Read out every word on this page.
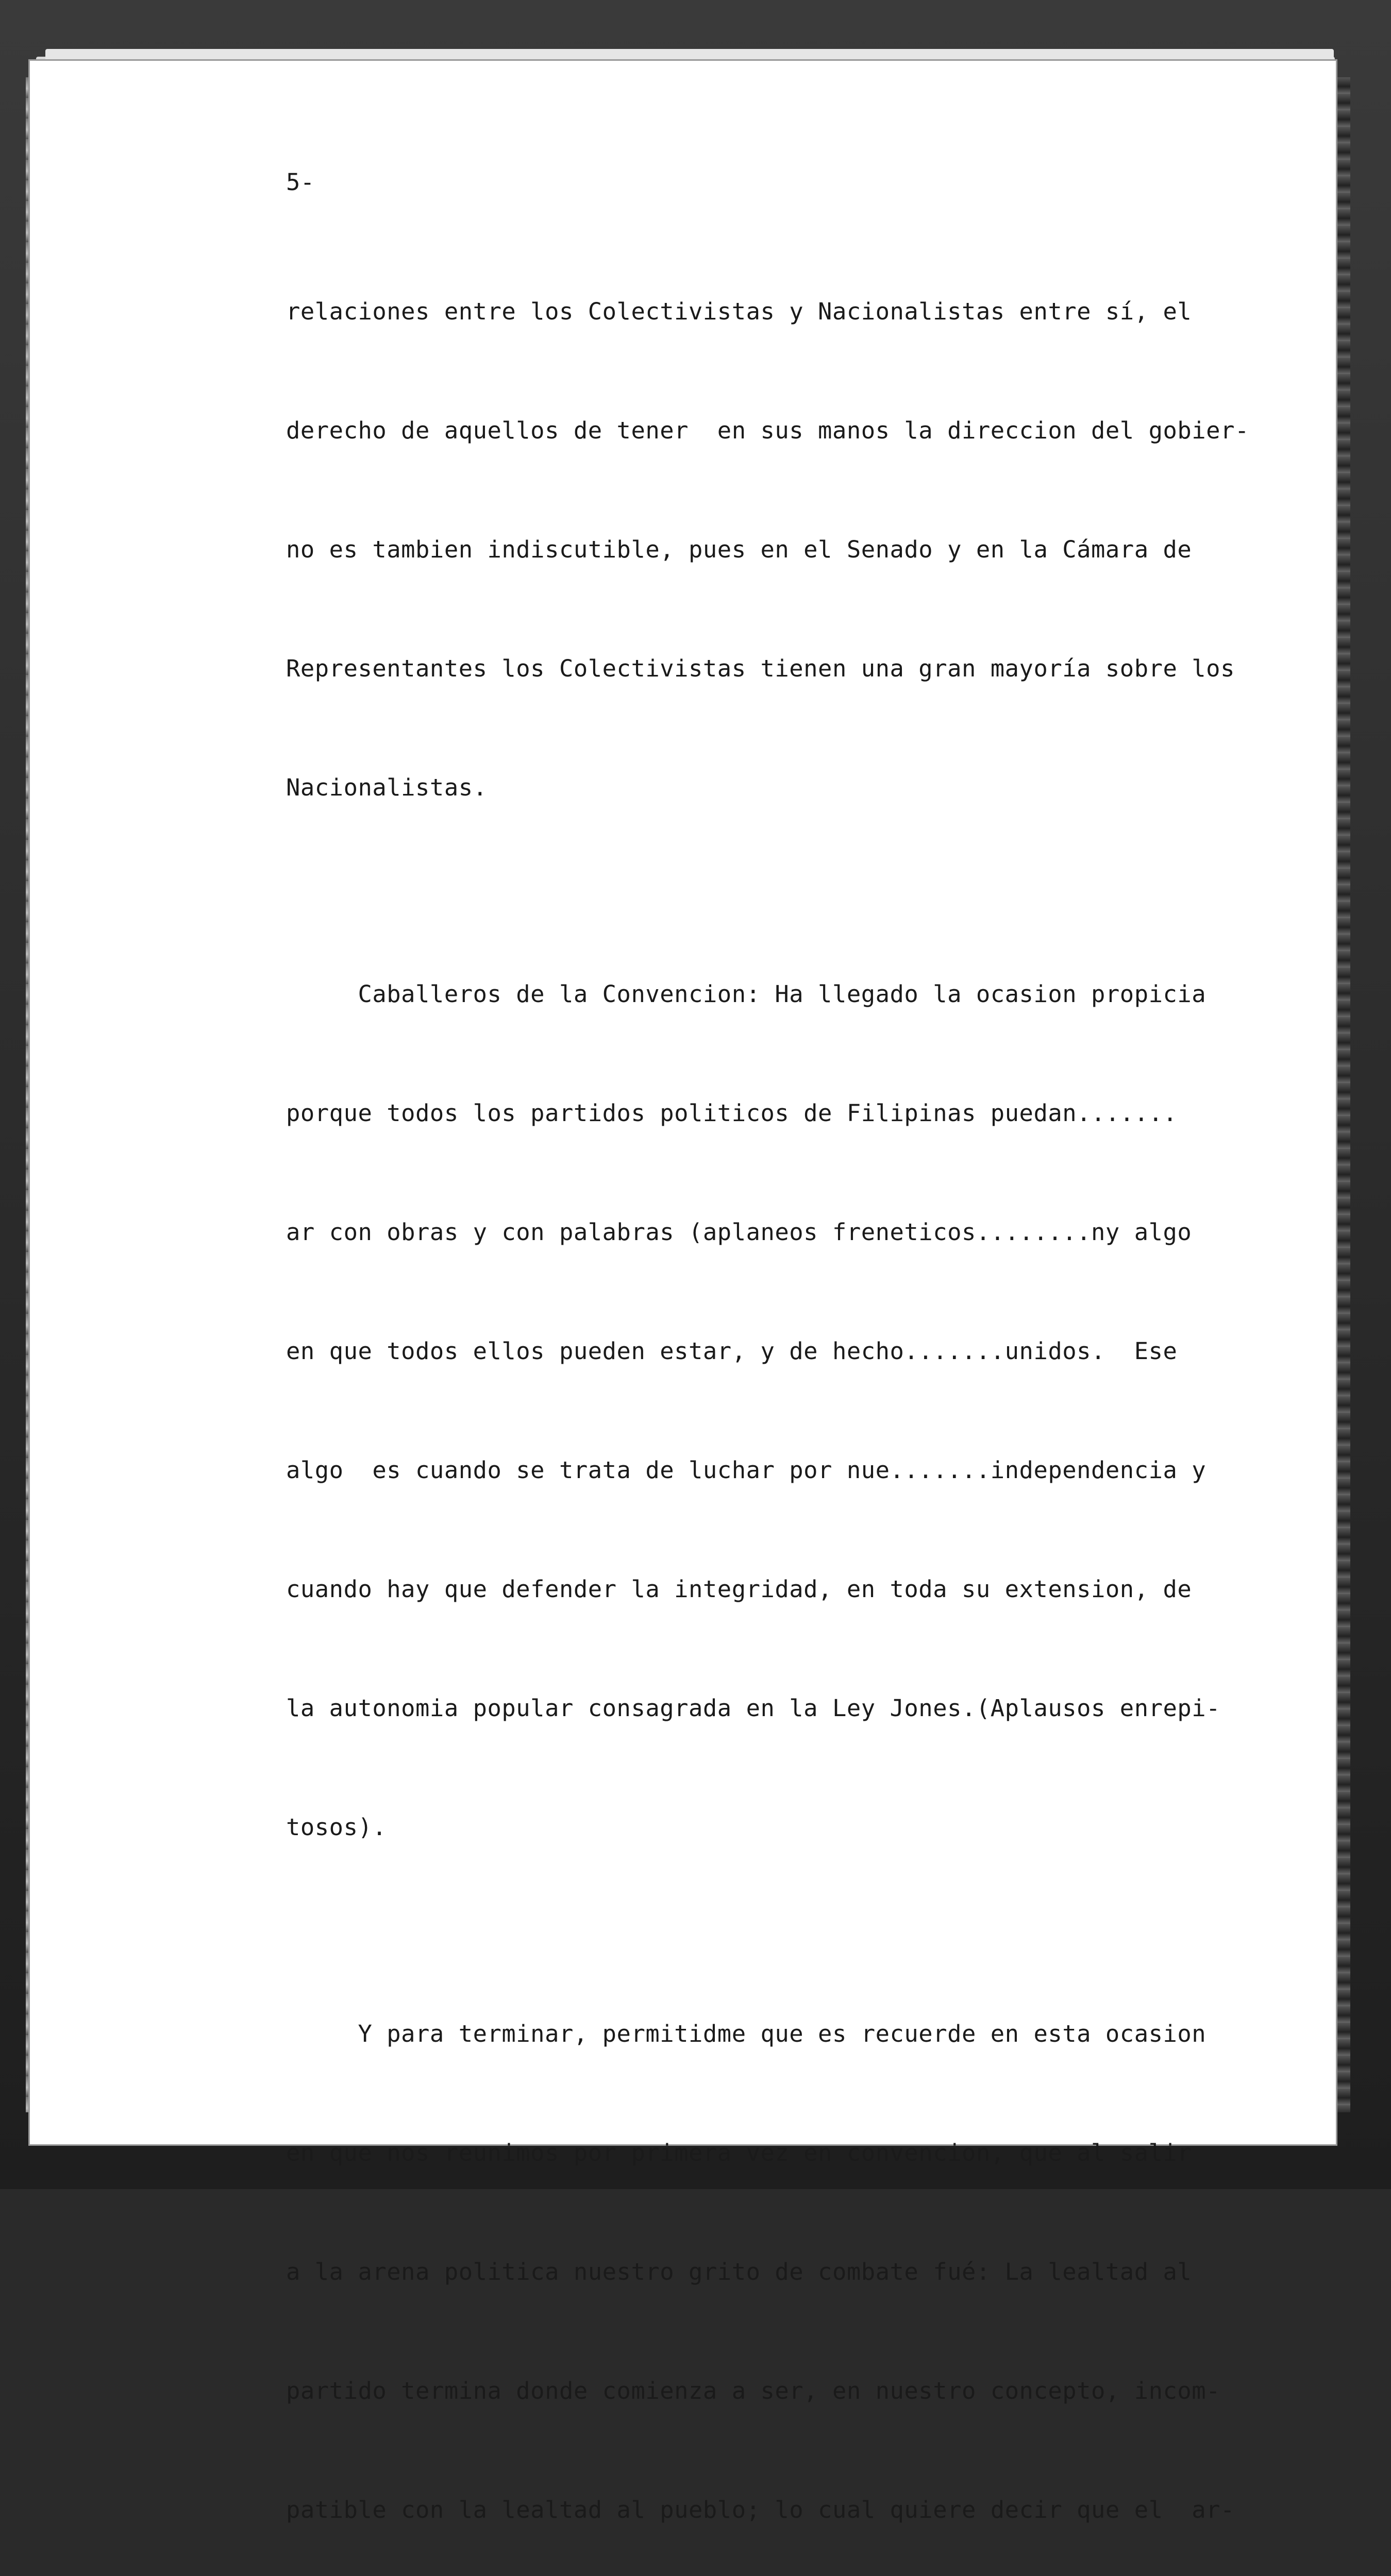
5-

relaciones entre los Colectivistas y Nacionalistas entre sí, el

derecho de aquellos de tener  en sus manos la direccion del gobier-

no es tambien indiscutible, pues en el Senado y en la Cámara de

Representantes los Colectivistas tienen una gran mayoría sobre los

Nacionalistas.

Caballeros de la Convencion: Ha llegado la ocasion propicia

porque todos los partidos politicos de Filipinas puedan.......

ar con obras y con palabras (aplaneos freneticos........ny algo

en que todos ellos pueden estar, y de hecho.......unidos.  Ese

algo  es cuando se trata de luchar por nue.......independencia y

cuando hay que defender la integridad, en toda su extension, de

la autonomia popular consagrada en la Ley Jones.(Aplausos enrepi-

tosos).

Y para terminar, permitidme que es recuerde en esta ocasion

en que nos reunimos por primera vez en convencion, que al salir

a la arena politica nuestro grito de combate fué: La lealtad al

partido termina donde comienza a ser, en nuestro concepto, incom-

patible con la lealtad al pueblo; lo cual quiere decir que el  ar-
